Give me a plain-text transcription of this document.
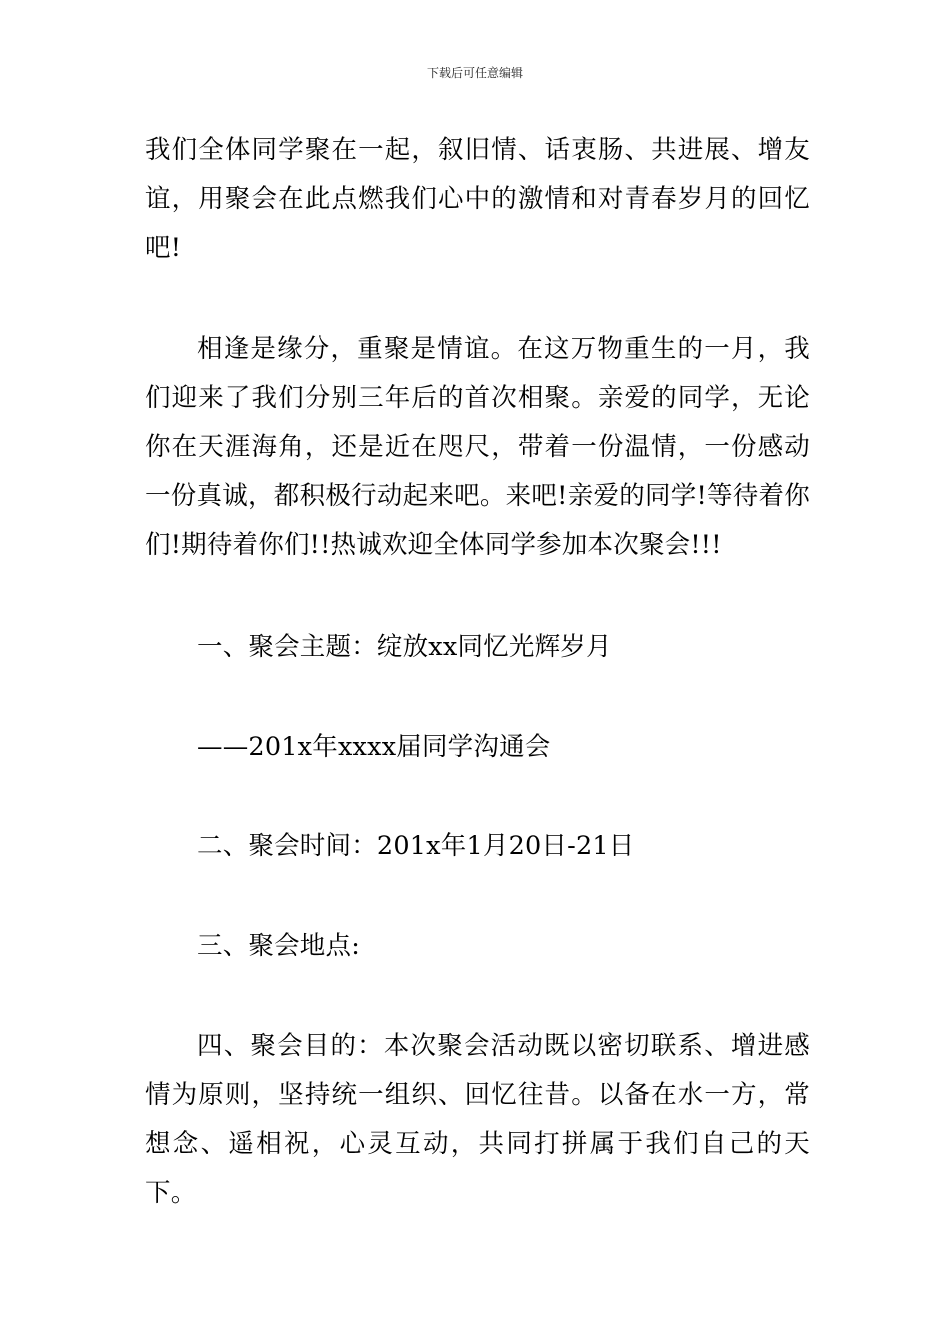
下载后可任意编辑

我们全体同学聚在一起，叙旧情、话衷肠、共进展、增友谊，用聚会在此点燃我们心中的激情和对青春岁月的回忆吧!

相逢是缘分，重聚是情谊。在这万物重生的一月，我们迎来了我们分别三年后的首次相聚。亲爱的同学，无论你在天涯海角，还是近在咫尺，带着一份温情，一份感动一份真诚，都积极行动起来吧。来吧!亲爱的同学!等待着你们!期待着你们!!热诚欢迎全体同学参加本次聚会!!!

一、聚会主题：绽放xx同忆光辉岁月

——201x年xxxx届同学沟通会

二、聚会时间：201x年1月20日-21日

三、聚会地点:

四、聚会目的：本次聚会活动既以密切联系、增进感情为原则，坚持统一组织、回忆往昔。以备在水一方，常想念、遥相祝，心灵互动，共同打拼属于我们自己的天下。
